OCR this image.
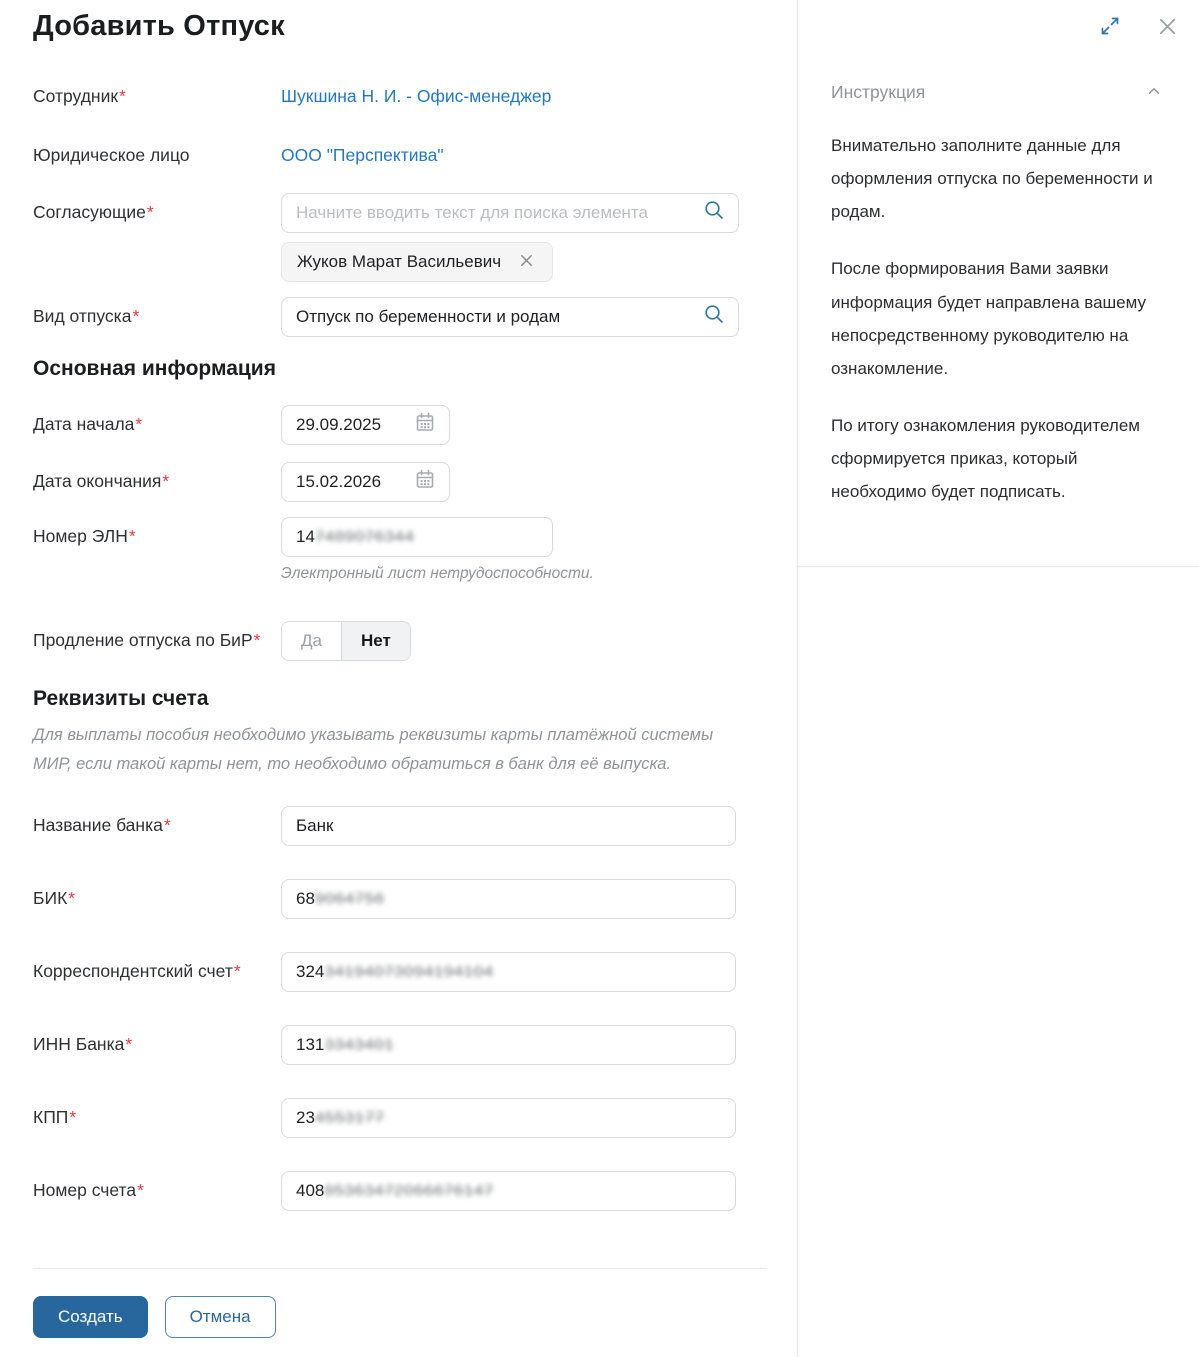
Добавить Отпуск
Сотрудник*	Шукшина Н. И. - Офис-менеджер
Юридическое лицо	ООО "Перспектива"
Согласующие*
Начните вводить текст для поиска элемента
Жуков Марат Васильевич
Вид отпуска*	Отпуск по беременности и родам
Основная информация
Дата начала*	29.09.2025
Дата окончания*	15.02.2026
Номер ЭЛН*	14 7489076344
Электронный лист нетрудоспособности.
Продление отпуска по БиР*	Да	Нет
Реквизиты счета

Для выплаты пособия необходимо указывать реквизиты карты платёжной системы МИР, если такой карты нет, то необходимо обратиться в банк для её выпуска.

Название банка*	Банк
БИК*	68 9064756
Корреспондентский счет*	324 34194073094194104
ИНН Банка*	131 3343401
КПП*	23 4553177
Номер счета*	408 85363472066676147
Создать	Отмена
Инструкция

Внимательно заполните данные для оформления отпуска по беременности и родам.

После формирования Вами заявки информация будет направлена вашему непосредственному руководителю на ознакомление.

По итогу ознакомления руководителем сформируется приказ, который необходимо будет подписать.
